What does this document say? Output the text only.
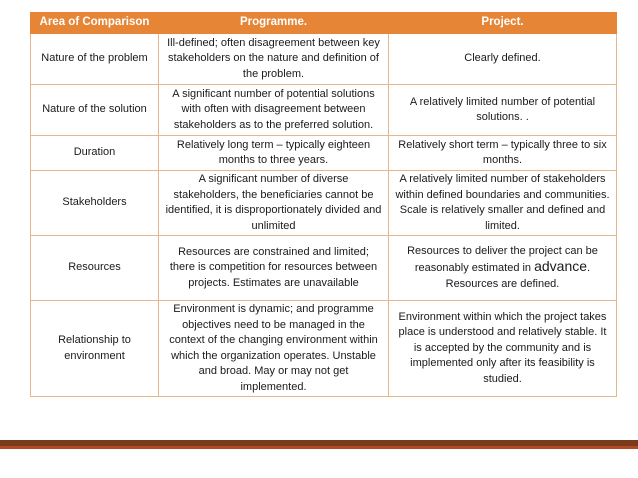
Area of Comparison	Programme.	Project.
Nature of the problem	Ill-defined; often disagreement between key stakeholders on the nature and definition of the problem.	Clearly defined.
Nature of the solution	A significant number of potential solutions with often with disagreement between stakeholders as to the preferred solution.	A relatively limited number of potential solutions. .
Duration	Relatively long term – typically eighteen months to three years.	Relatively short term – typically three to six months.
Stakeholders	A significant number of diverse stakeholders, the beneficiaries cannot be identified, it is disproportionately divided and unlimited	A relatively limited number of stakeholders within defined boundaries and communities. Scale is relatively smaller and defined and limited.
Resources	Resources are constrained and limited; there is competition for resources between projects. Estimates are unavailable	Resources to deliver the project can be reasonably estimated in advance. Resources are defined.
Relationship to environment	Environment is dynamic; and programme objectives need to be managed in the context of the changing environment within which the organization operates. Unstable and broad. May or may not get implemented.	Environment within which the project takes place is understood and relatively stable. It is accepted by the community and is implemented only after its feasibility is studied.
